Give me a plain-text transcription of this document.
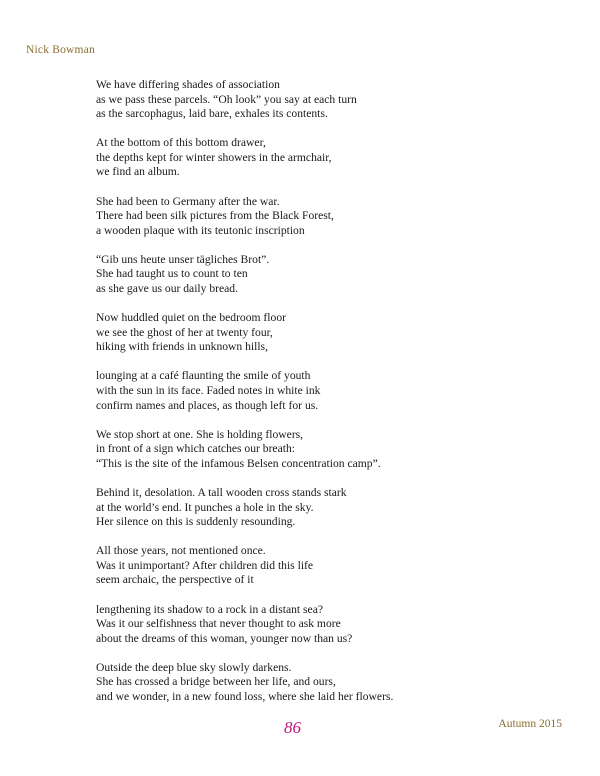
Nick Bowman
We have differing shades of association
as we pass these parcels. “Oh look” you say at each turn
as the sarcophagus, laid bare, exhales its contents.
At the bottom of this bottom drawer,
the depths kept for winter showers in the armchair,
we find an album.
She had been to Germany after the war.
There had been silk pictures from the Black Forest,
a wooden plaque with its teutonic inscription
“Gib uns heute unser tägliches Brot”.
She had taught us to count to ten
as she gave us our daily bread.
Now huddled quiet on the bedroom floor
we see the ghost of her at twenty four,
hiking with friends in unknown hills,
lounging at a café flaunting the smile of youth
with the sun in its face. Faded notes in white ink
confirm names and places, as though left for us.
We stop short at one. She is holding flowers,
in front of a sign which catches our breath:
“This is the site of the infamous Belsen concentration camp”.
Behind it, desolation. A tall wooden cross stands stark
at the world’s end. It punches a hole in the sky.
Her silence on this is suddenly resounding.
All those years, not mentioned once.
Was it unimportant? After children did this life
seem archaic, the perspective of it
lengthening its shadow to a rock in a distant sea?
Was it our selfishness that never thought to ask more
about the dreams of this woman, younger now than us?
Outside the deep blue sky slowly darkens.
She has crossed a bridge between her life, and ours,
and we wonder, in a new found loss, where she laid her flowers.
86	Autumn 2015
